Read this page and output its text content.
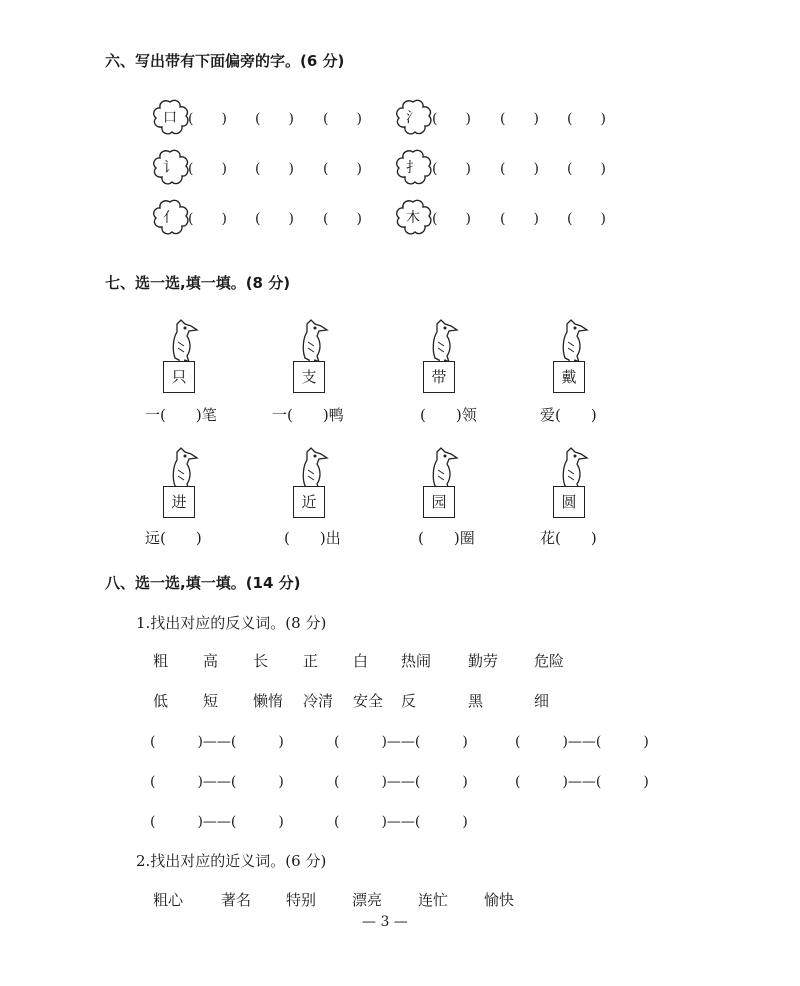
六、写出带有下面偏旁的字。(6 分)
口 (　　) (　　) (　　)	氵 (　　) (　　) (　　)
讠 (　　) (　　) (　　)	扌 (　　) (　　) (　　)
亻 (　　) (　　) (　　)	木 (　　) (　　) (　　)
七、选一选,填一填。(8 分)
只
一(　　)笔
支
一(　　)鸭
带
(　　)领
戴
爱(　　)
进
远(　　)
近
(　　)出
园
(　　)圈
圆
花(　　)
八、选一选,填一填。(14 分)
1.找出对应的反义词。(8 分)
粗 高 长 正 白 热闹 勤劳 危险
低 短 懒惰 冷清 安全 反	黑	细
(　　　)——(　　　)	(　　　)——(　　　)	(　　　)——(　　　)
(　　　)——(　　　)	(　　　)——(　　　)	(　　　)——(　　　)
(　　　)——(　　　)	(　　　)——(　　　)
2.找出对应的近义词。(6 分)
粗心	著名 特别 漂亮 连忙 愉快
— 3 —
